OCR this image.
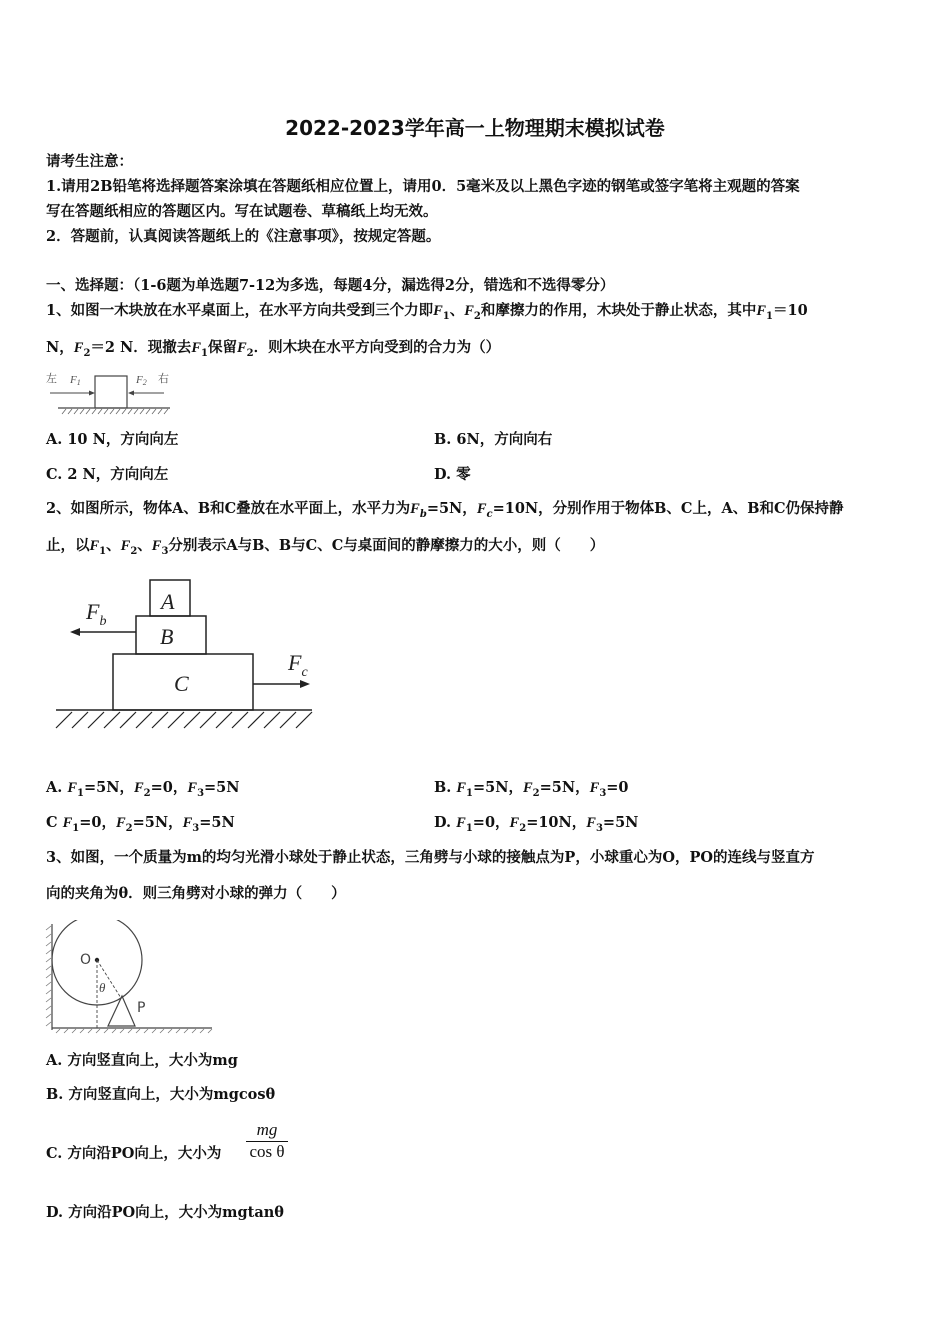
2022-2023学年高一上物理期末模拟试卷
请考生注意：
1.请用2B铅笔将选择题答案涂填在答题纸相应位置上，请用0．5毫米及以上黑色字迹的钢笔或签字笔将主观题的答案
写在答题纸相应的答题区内。写在试题卷、草稿纸上均无效。
2．答题前，认真阅读答题纸上的《注意事项》，按规定答题。
一、选择题：（1-6题为单选题7-12为多选，每题4分，漏选得2分，错选和不选得零分）
1、如图一木块放在水平桌面上，在水平方向共受到三个力即$F_1$、$F_2$和摩擦力的作用，木块处于静止状态，其中$F_1=10$
N，$F_2=2$ N．现撤去$F_1$保留$F_2$．则木块在水平方向受到的合力为（）
左 F1	F2 右
A. 10 N，方向向左	B. 6N，方向向右
C. 2 N，方向向左	D. 零
2、如图所示，物体A、B和C叠放在水平面上，水平力为$F_b=5N$，$F_c=10N$，分别作用于物体B、C上，A、B和C仍保持静
止，以$F_1$、$F_2$、$F_3$分别表示A与B、B与C、C与桌面间的静摩擦力的大小，则（　　）
A
B
C
$F_b$
$F_c$
A. $F_1=5N$，$F_2=0$，$F_3=5N$	B. $F_1=5N$，$F_2=5N$，$F_3=0$
C $F_1=0$，$F_2=5N$，$F_3=5N$	D. $F_1=0$，$F_2=10N$，$F_3=5N$
3、如图，一个质量为m的均匀光滑小球处于静止状态，三角劈与小球的接触点为P，小球重心为O，PO的连线与竖直方
向的夹角为θ．则三角劈对小球的弹力（　　）
O
θ
P
A. 方向竖直向上，大小为mg
B. 方向竖直向上，大小为mgcosθ
C. 方向沿PO向上，大小为 $\frac{mg}{\text{cos θ}}$
D. 方向沿PO向上，大小为mgtanθ
